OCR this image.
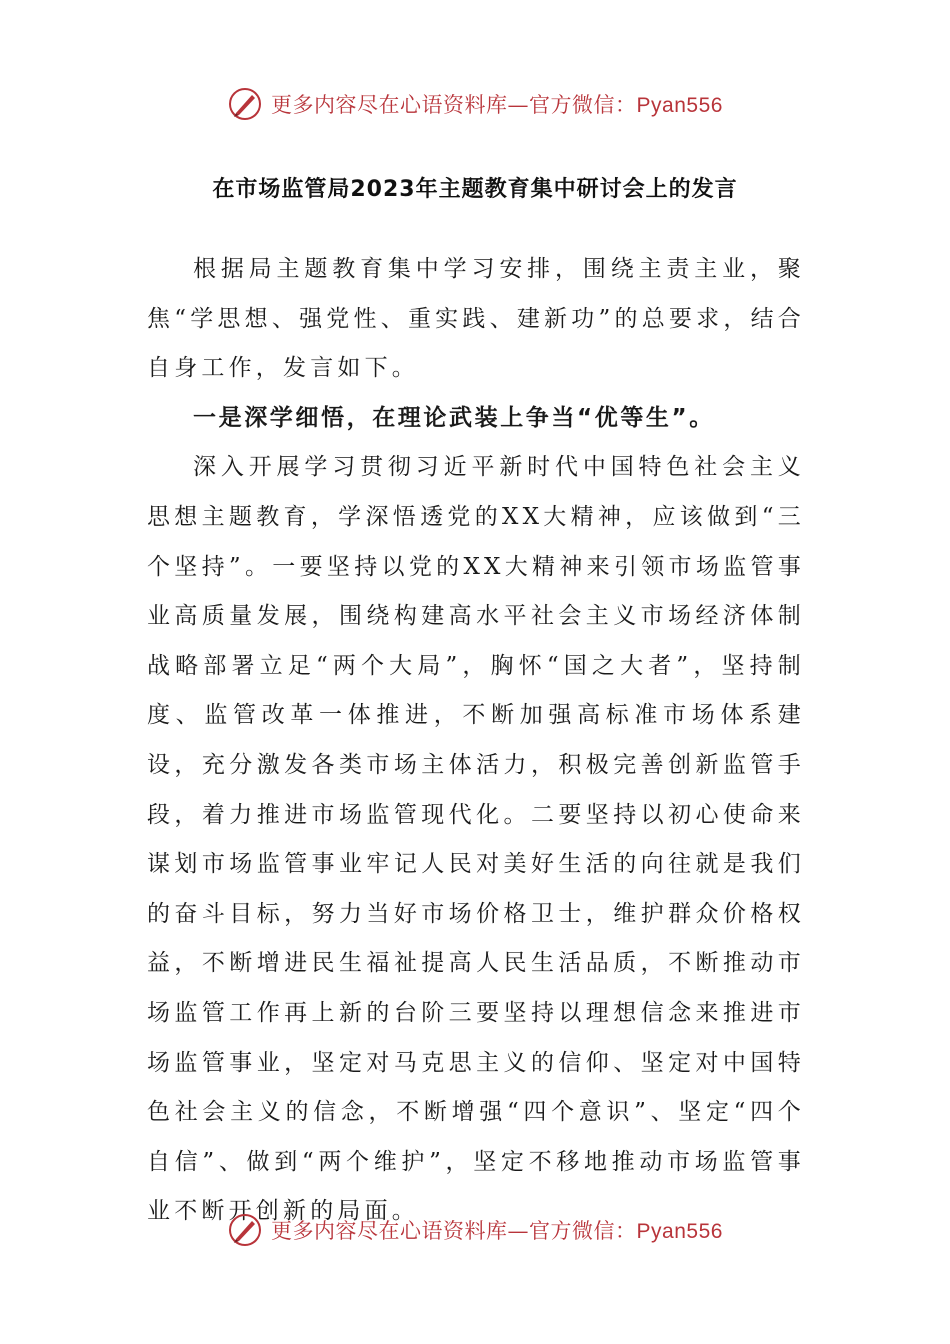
更多内容尽在心语资料库—官方微信：Pyan556
在市场监管局2023年主题教育集中研讨会上的发言

根据局主题教育集中学习安排，围绕主责主业，聚焦“学思想、强党性、重实践、建新功”的总要求，结合自身工作，发言如下。

一是深学细悟，在理论武装上争当“优等生”。

深入开展学习贯彻习近平新时代中国特色社会主义思想主题教育，学深悟透党的XX大精神，应该做到“三个坚持”。一要坚持以党的XX大精神来引领市场监管事业高质量发展，围绕构建高水平社会主义市场经济体制战略部署立足“两个大局”，胸怀“国之大者”，坚持制度、监管改革一体推进，不断加强高标准市场体系建设，充分激发各类市场主体活力，积极完善创新监管手段，着力推进市场监管现代化。二要坚持以初心使命来谋划市场监管事业牢记人民对美好生活的向往就是我们的奋斗目标，努力当好市场价格卫士，维护群众价格权益，不断增进民生福祉提高人民生活品质，不断推动市场监管工作再上新的台阶三要坚持以理想信念来推进市场监管事业，坚定对马克思主义的信仰、坚定对中国特色社会主义的信念，不断增强“四个意识”、坚定“四个自信”、做到“两个维护”，坚定不移地推动市场监管事业不断开创新的局面。

更多内容尽在心语资料库—官方微信：Pyan556
